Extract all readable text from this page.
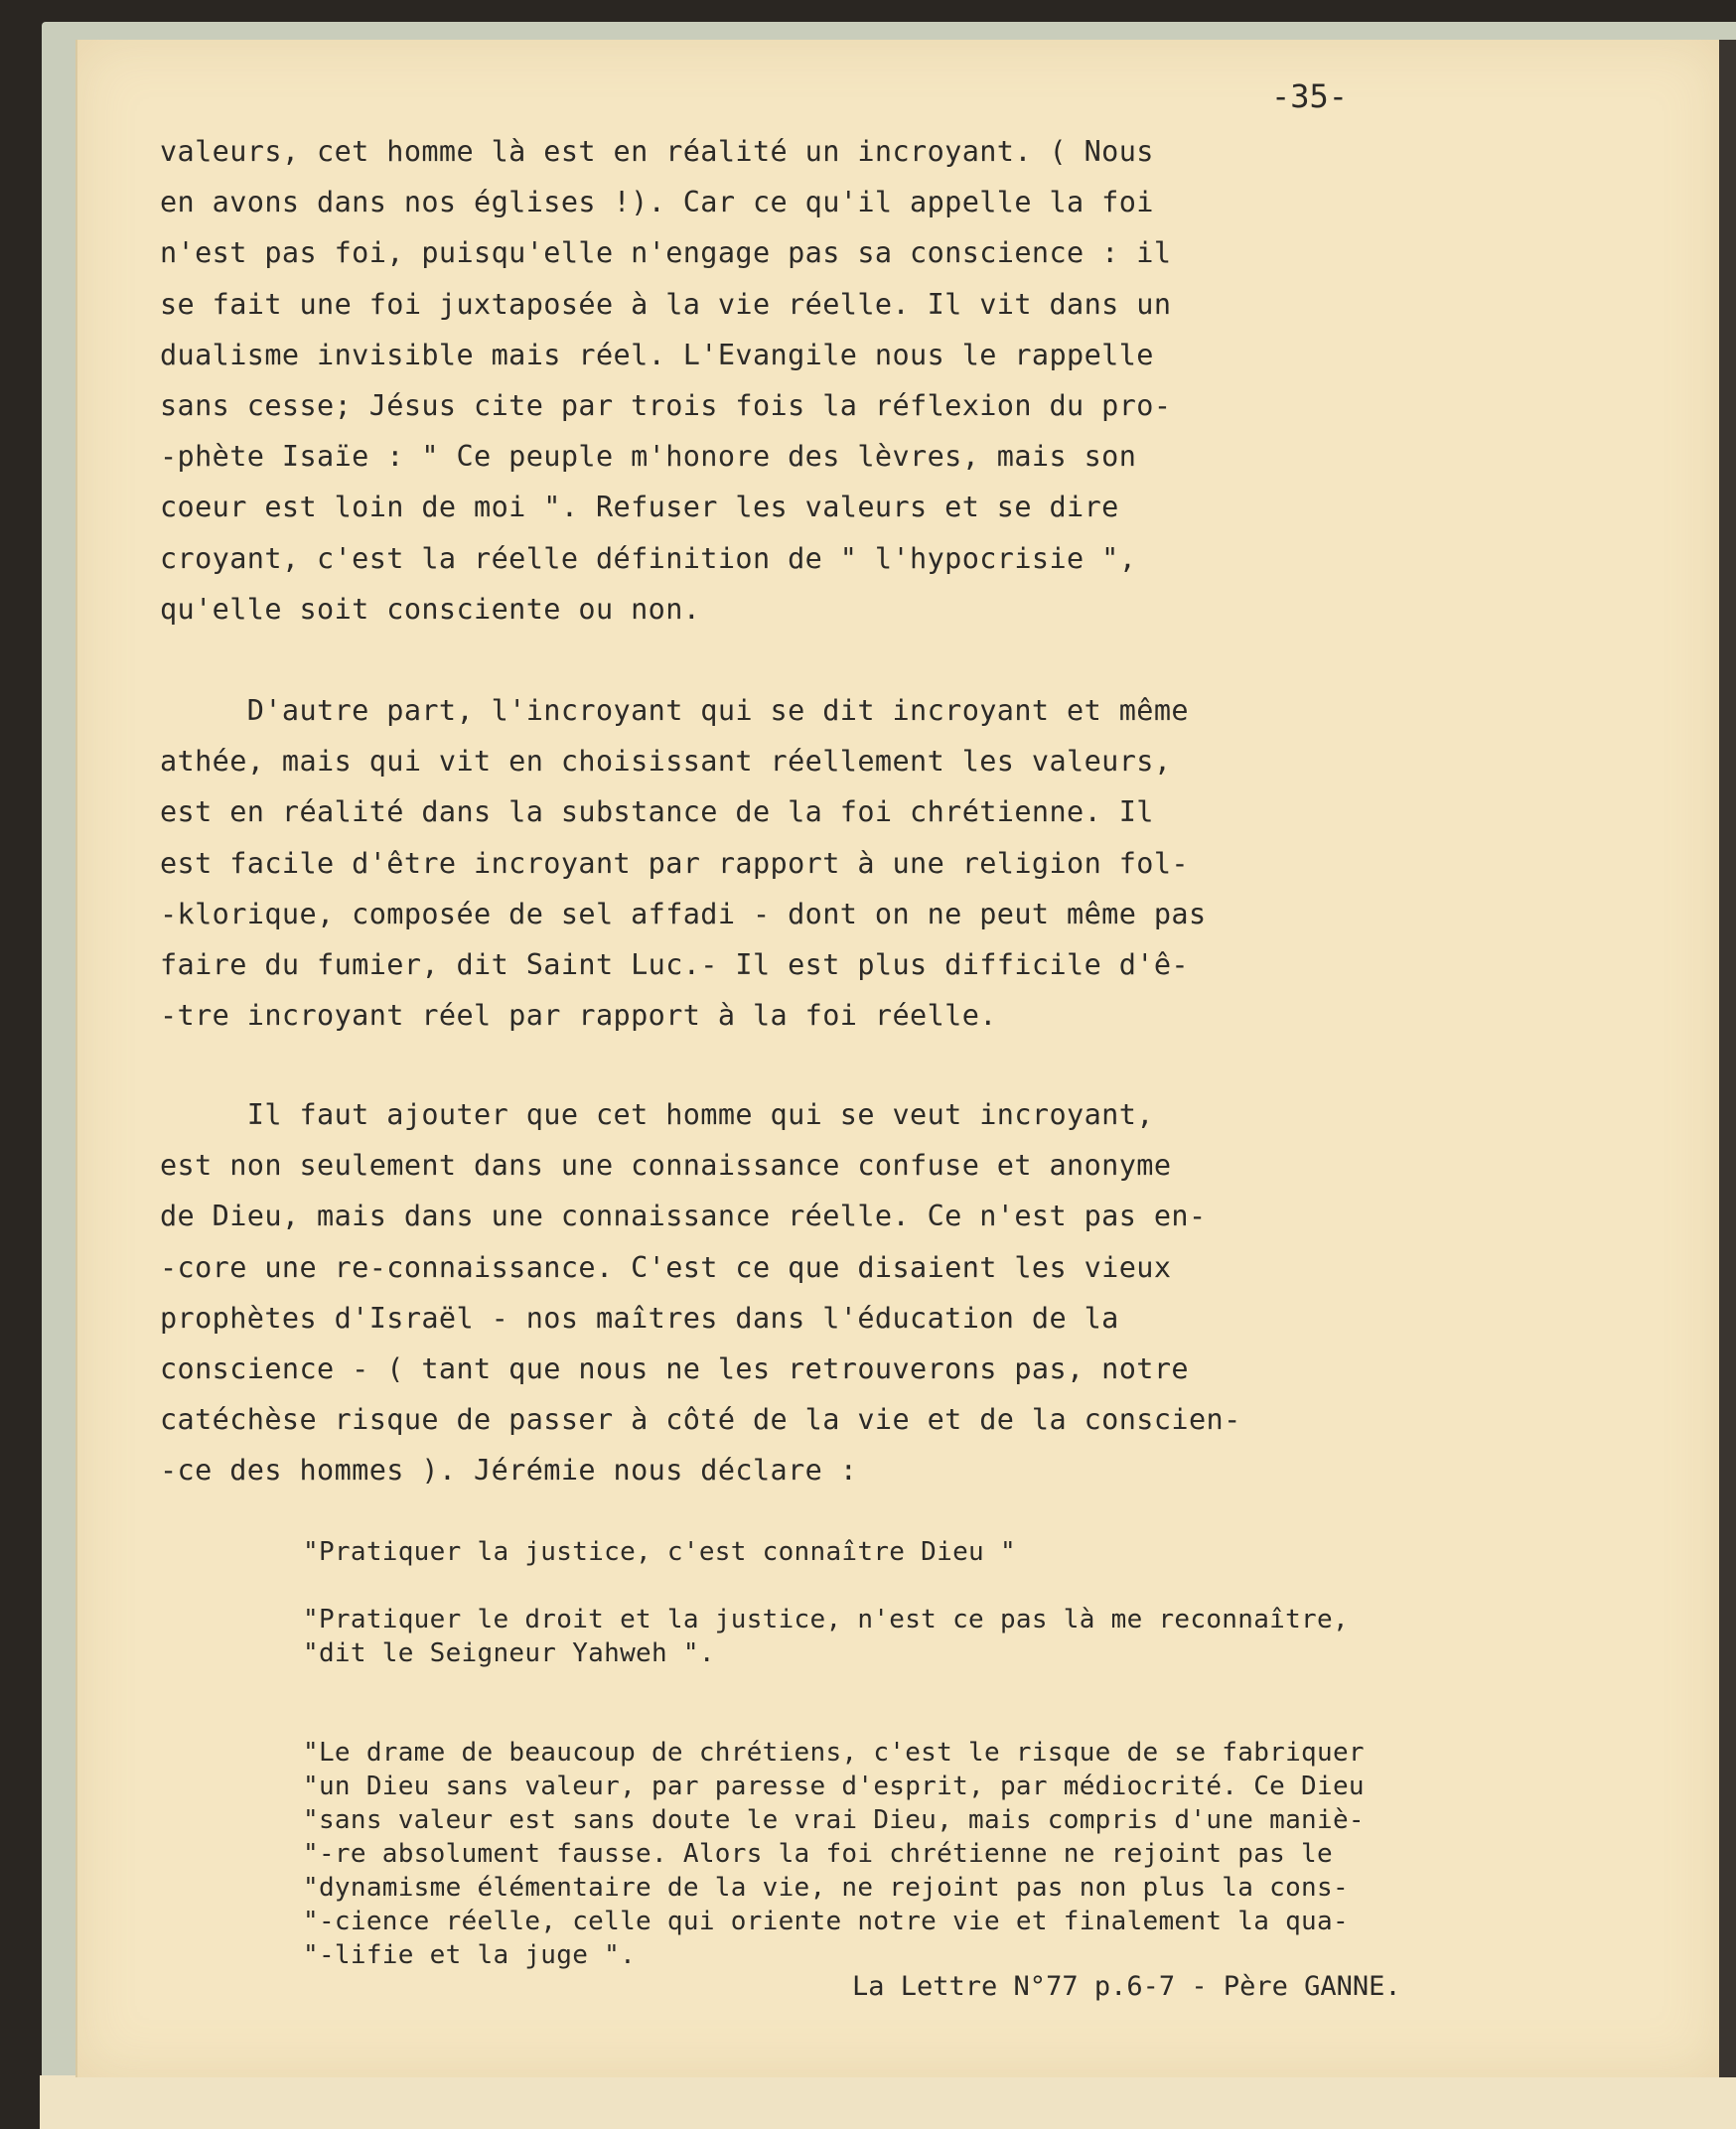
-35-

valeurs, cet homme là est en réalité un incroyant. ( Nous
en avons dans nos églises !). Car ce qu'il appelle la foi
n'est pas foi, puisqu'elle n'engage pas sa conscience : il
se fait une foi juxtaposée à la vie réelle. Il vit dans un
dualisme invisible mais réel. L'Evangile nous le rappelle
sans cesse; Jésus cite par trois fois la réflexion du pro-
-phète Isaïe : " Ce peuple m'honore des lèvres, mais son
coeur est loin de moi ". Refuser les valeurs et se dire
croyant, c'est la réelle définition de " l'hypocrisie ",
qu'elle soit consciente ou non.
D'autre part, l'incroyant qui se dit incroyant et même
athée, mais qui vit en choisissant réellement les valeurs,
est en réalité dans la substance de la foi chrétienne. Il
est facile d'être incroyant par rapport à une religion fol-
-klorique, composée de sel affadi - dont on ne peut même pas
faire du fumier, dit Saint Luc.- Il est plus difficile d'ê-
-tre incroyant réel par rapport à la foi réelle.
Il faut ajouter que cet homme qui se veut incroyant,
est non seulement dans une connaissance confuse et anonyme
de Dieu, mais dans une connaissance réelle. Ce n'est pas en-
-core une re-connaissance. C'est ce que disaient les vieux
prophètes d'Israël - nos maîtres dans l'éducation de la
conscience - ( tant que nous ne les retrouverons pas, notre
catéchèse risque de passer à côté de la vie et de la conscien-
-ce des hommes ). Jérémie nous déclare :
"Pratiquer la justice, c'est connaître Dieu "
"Pratiquer le droit et la justice, n'est ce pas là me reconnaître,
"dit le Seigneur Yahweh ".
"Le drame de beaucoup de chrétiens, c'est le risque de se fabriquer
"un Dieu sans valeur, par paresse d'esprit, par médiocrité. Ce Dieu
"sans valeur est sans doute le vrai Dieu, mais compris d'une maniè-
"-re absolument fausse. Alors la foi chrétienne ne rejoint pas le
"dynamisme élémentaire de la vie, ne rejoint pas non plus la cons-
"-cience réelle, celle qui oriente notre vie et finalement la qua-
"-lifie et la juge ".

La Lettre N°77 p.6-7 - Père GANNE.
